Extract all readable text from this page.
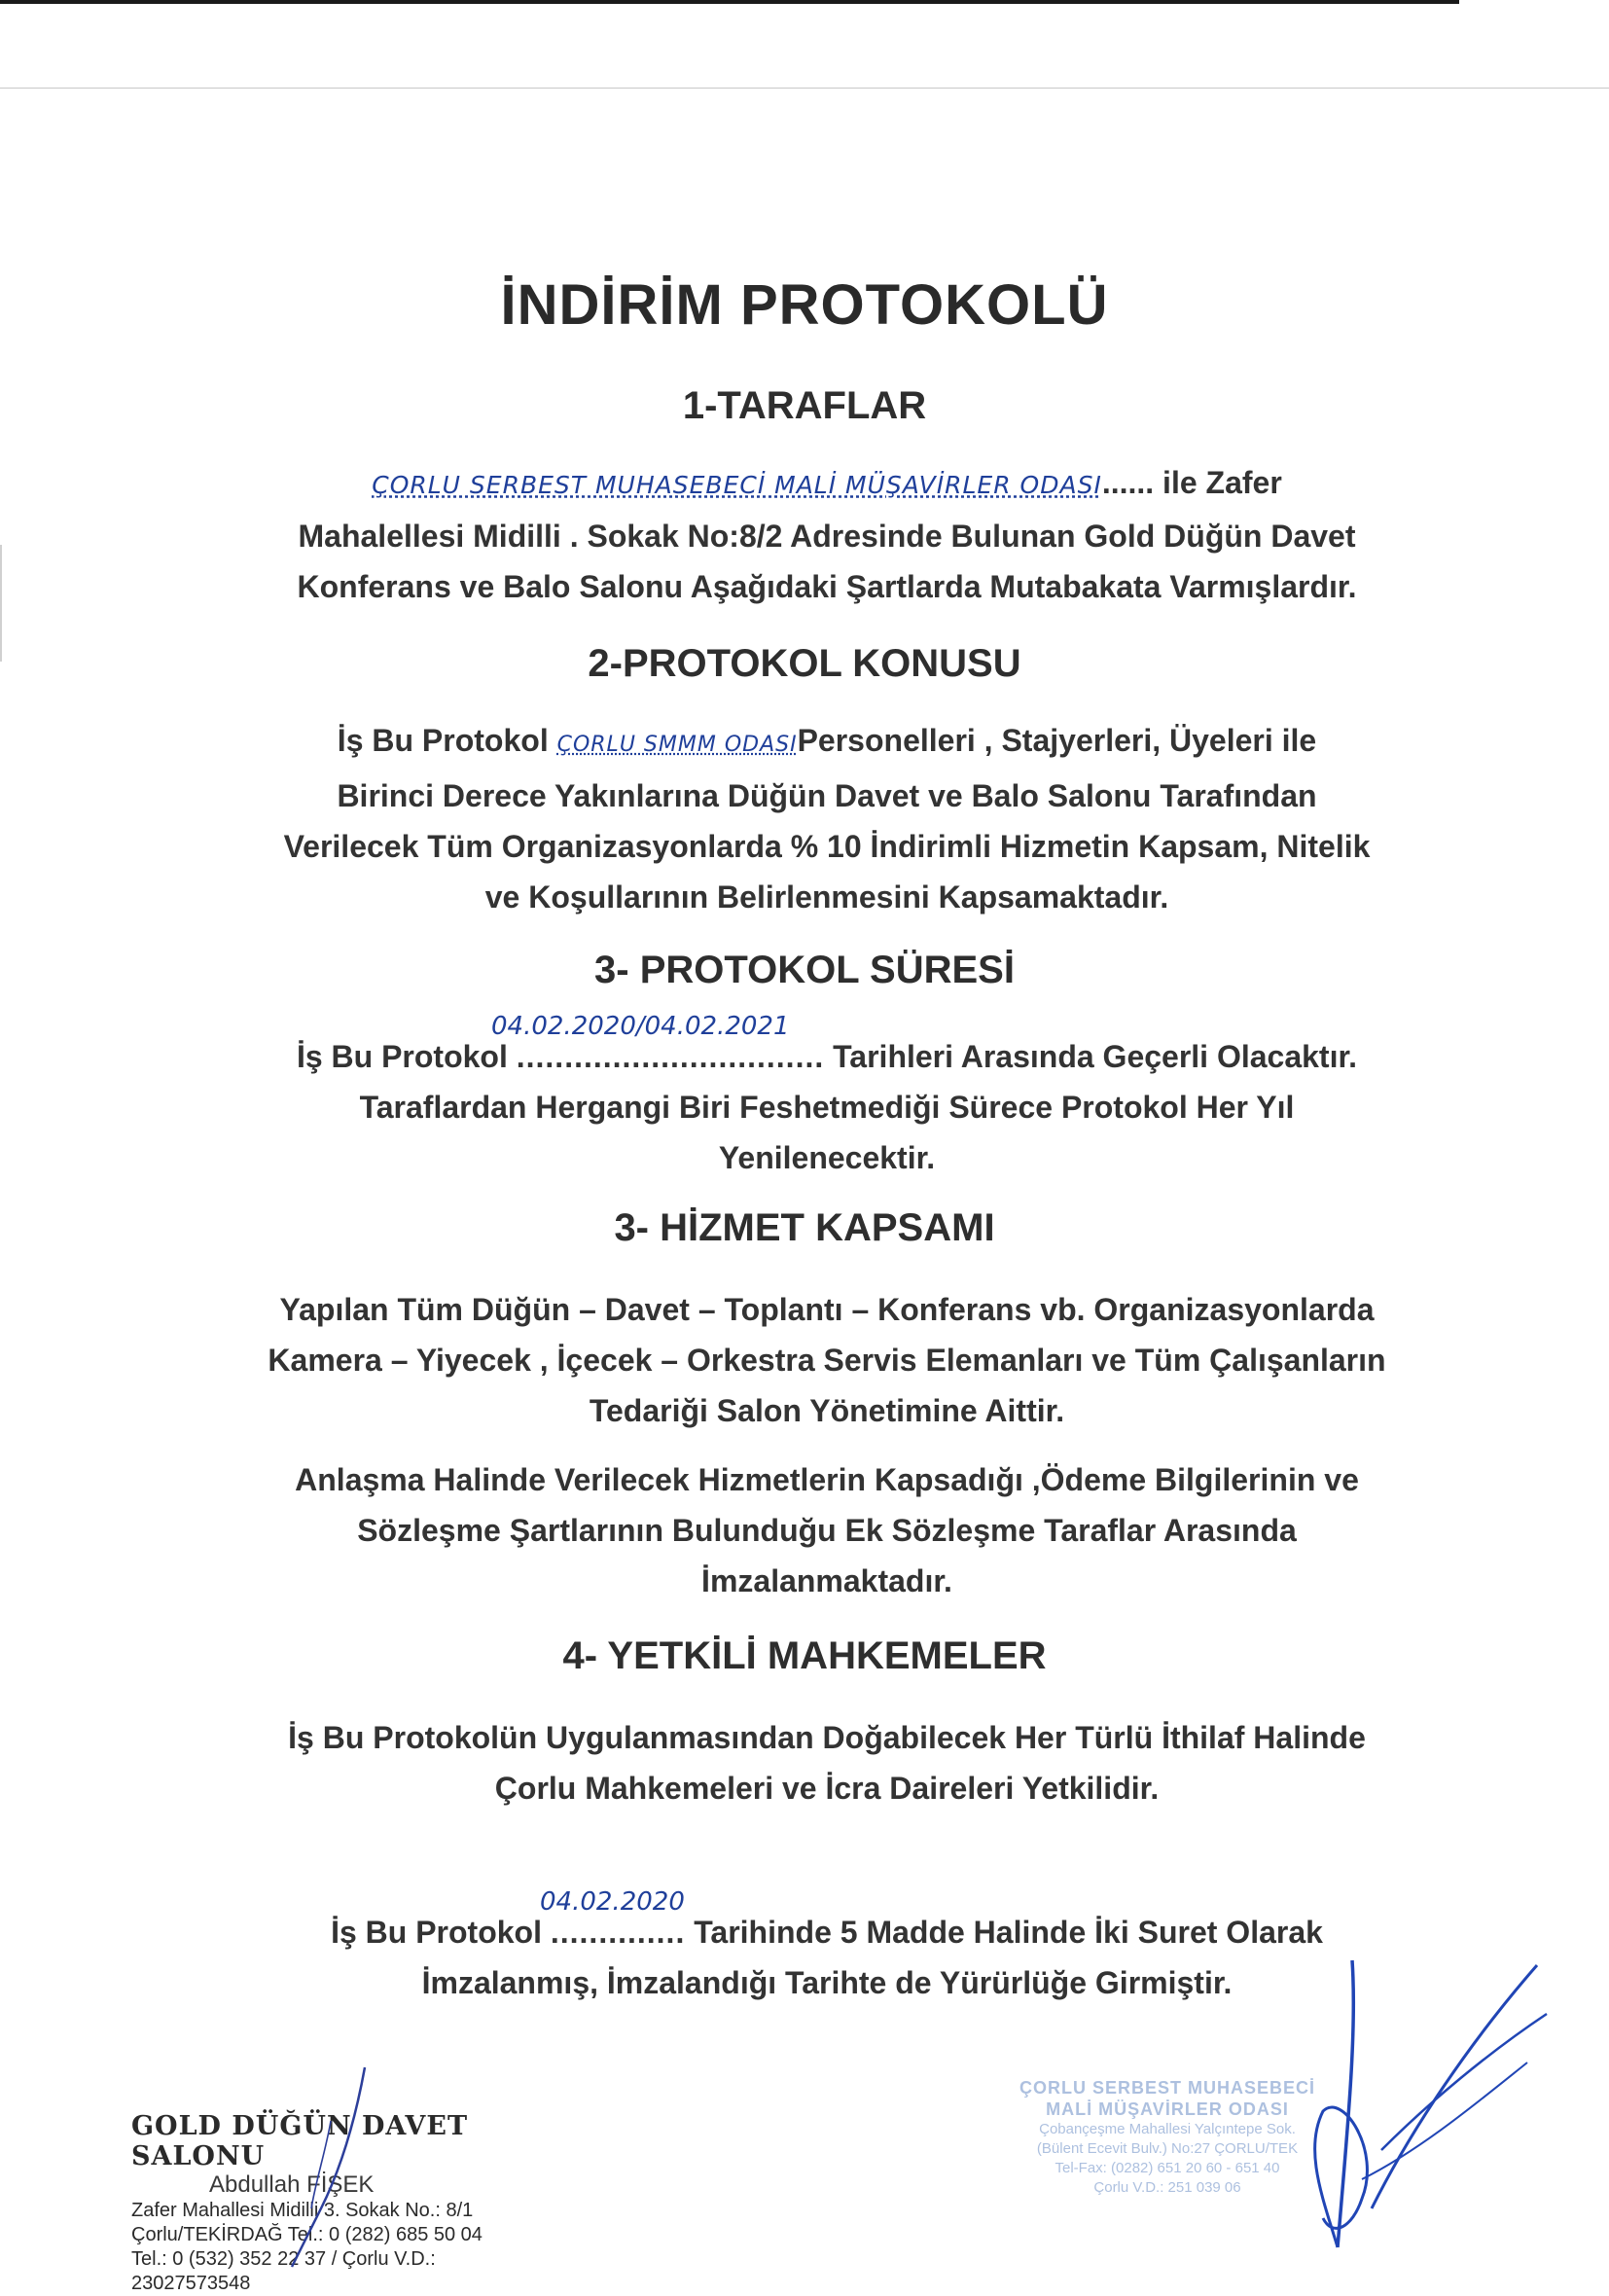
İNDİRİM PROTOKOLÜ
1-TARAFLAR

ÇORLU SERBEST MUHASEBECİ MALİ MÜŞAVİRLER ODASI...... ile Zafer

Mahalellesi Midilli . Sokak No:8/2 Adresinde Bulunan Gold Düğün Davet

Konferans ve Balo Salonu Aşağıdaki Şartlarda Mutabakata Varmışlardır.

2-PROTOKOL KONUSU

İş Bu Protokol ÇORLU SMMM ODASIPersonelleri , Stajyerleri, Üyeleri ile

Birinci Derece Yakınlarına Düğün Davet ve Balo Salonu Tarafından

Verilecek Tüm Organizasyonlarda % 10 İndirimli Hizmetin Kapsam, Nitelik

ve Koşullarının Belirlenmesini Kapsamaktadır.

3- PROTOKOL SÜRESİ
04.02.2020/04.02.2021

İş Bu Protokol ................................ Tarihleri Arasında Geçerli Olacaktır.

Taraflardan Hergangi Biri Feshetmediği Sürece Protokol Her Yıl

Yenilenecektir.

3- HİZMET KAPSAMI

Yapılan Tüm Düğün – Davet – Toplantı – Konferans vb. Organizasyonlarda

Kamera – Yiyecek , İçecek – Orkestra Servis Elemanları ve Tüm Çalışanların

Tedariği Salon Yönetimine Aittir.

Anlaşma Halinde Verilecek Hizmetlerin Kapsadığı ,Ödeme Bilgilerinin ve

Sözleşme Şartlarının Bulunduğu Ek Sözleşme Taraflar Arasında

İmzalanmaktadır.

4- YETKİLİ MAHKEMELER

İş Bu Protokolün Uygulanmasından Doğabilecek Her Türlü İthilaf Halinde

Çorlu Mahkemeleri ve İcra Daireleri Yetkilidir.

04.02.2020

İş Bu Protokol .............. Tarihinde 5 Madde Halinde İki Suret Olarak

İmzalanmış, İmzalandığı Tarihte de Yürürlüğe Girmiştir.

GOLD DÜĞÜN DAVET SALONU
Abdullah FİŞEK
Zafer Mahallesi Midilli 3. Sokak No.: 8/1
Çorlu/TEKİRDAĞ Tel.: 0 (282) 685 50 04
Tel.: 0 (532) 352 22 37 / Çorlu V.D.: 23027573548
ÇORLU SERBEST MUHASEBECİ
MALİ MÜŞAVİRLER ODASI
Çobançeşme Mahallesi Yalçıntepe Sok.
(Bülent Ecevit Bulv.) No:27 ÇORLU/TEK
Tel-Fax: (0282) 651 20 60 - 651 40
Çorlu V.D.: 251 039 06
